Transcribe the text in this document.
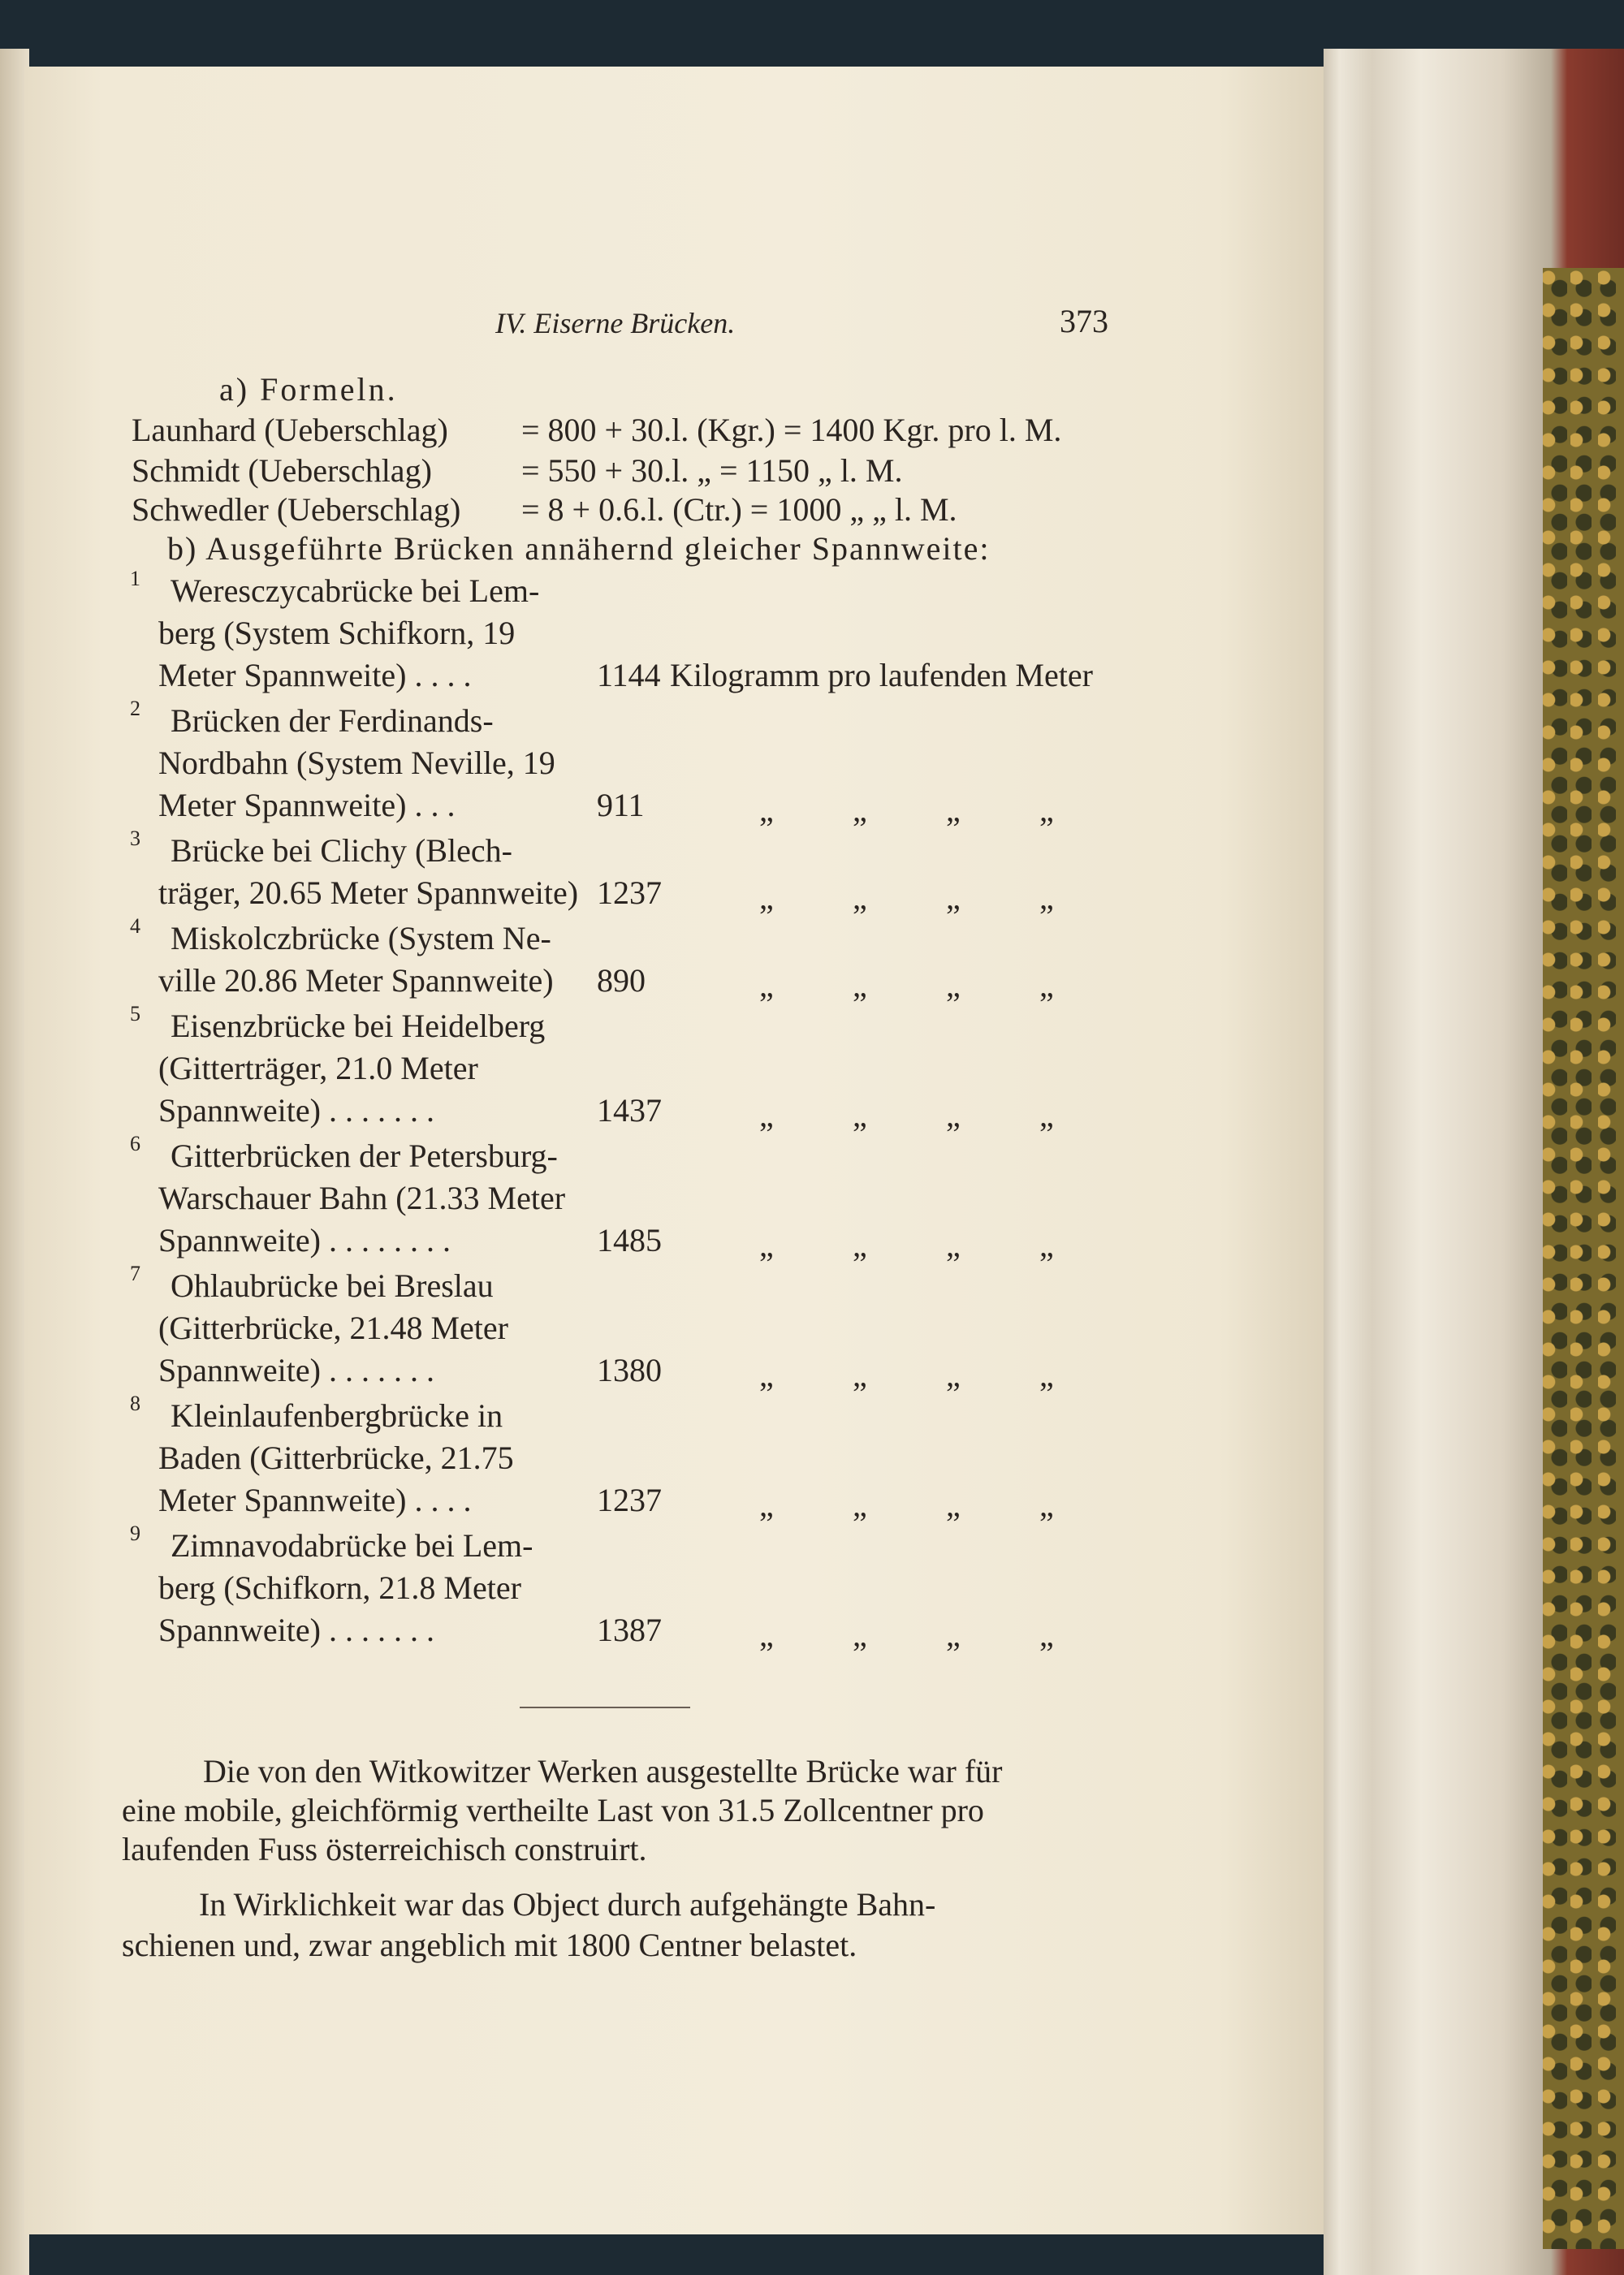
IV. Eiserne Brücken.	373
a) Formeln.
Launhard (Ueberschlag) = 800 + 30.l. (Kgr.) = 1400 Kgr. pro l. M.
Schmidt (Ueberschlag)	= 550 + 30.l. „ = 1150 „ l. M.
Schwedler (Ueberschlag) = 8 + 0.6.l. (Ctr.) = 1000 „ „ l. M.
b) Ausgeführte Brücken annähernd gleicher Spannweite:
1 Weresczycabrücke bei Lem-
berg (System Schifkorn, 19
Meter Spannweite) . . . .	1144 Kilogramm pro laufenden Meter
2 Brücken der Ferdinands-
Nordbahn (System Neville, 19
Meter Spannweite) . . .	911	„ „ „ „
3 Brücke bei Clichy (Blech-
träger, 20.65 Meter Spannweite) 1237	„ „ „ „
4 Miskolczbrücke (System Ne-
ville 20.86 Meter Spannweite) 890	„ „ „ „
5 Eisenzbrücke bei Heidelberg
(Gitterträger, 21.0 Meter
Spannweite) . . . . . . .	1437	„ „ „ „
6 Gitterbrücken der Petersburg-
Warschauer Bahn (21.33 Meter
Spannweite) . . . . . . . .	1485	„ „ „ „
7 Ohlaubrücke bei Breslau
(Gitterbrücke, 21.48 Meter
Spannweite) . . . . . . .	1380	„ „ „ „
8 Kleinlaufenbergbrücke in
Baden (Gitterbrücke, 21.75
Meter Spannweite) . . . .	1237	„ „ „ „
9 Zimnavodabrücke bei Lem-
berg (Schifkorn, 21.8 Meter
Spannweite) . . . . . . .	1387	„ „ „ „
Die von den Witkowitzer Werken ausgestellte Brücke war für
eine mobile, gleichförmig vertheilte Last von 31.5 Zollcentner pro
laufenden Fuss österreichisch construirt.
In Wirklichkeit war das Object durch aufgehängte Bahn-
schienen und, zwar angeblich mit 1800 Centner belastet.
